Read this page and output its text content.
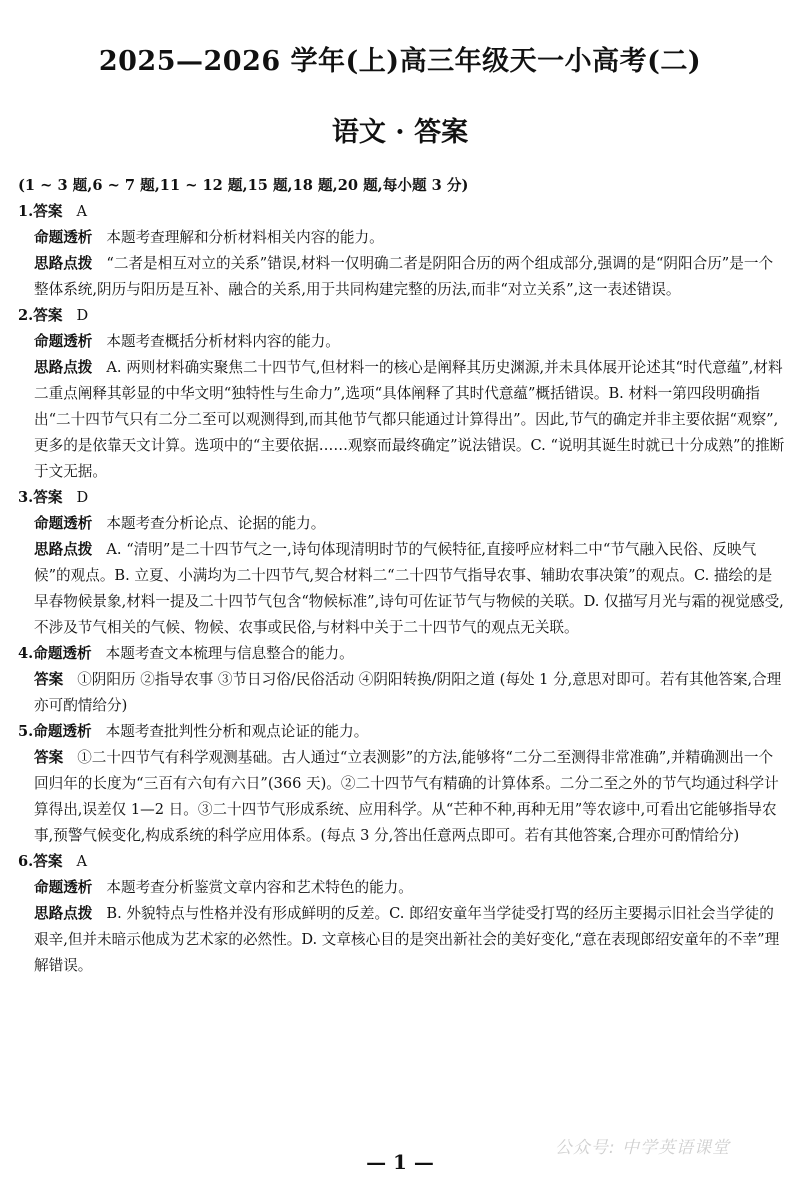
2025—2026 学年(上)高三年级天一小高考(二)
语文 · 答案

(1 ~ 3 题,6 ~ 7 题,11 ~ 12 题,15 题,18 题,20 题,每小题 3 分)

1.答案 A

命题透析 本题考查理解和分析材料相关内容的能力。

思路点拨 “二者是相互对立的关系”错误,材料一仅明确二者是阴阳合历的两个组成部分,强调的是“阴阳合历”是一个整体系统,阴历与阳历是互补、融合的关系,用于共同构建完整的历法,而非“对立关系”,这一表述错误。

2.答案 D

命题透析 本题考查概括分析材料内容的能力。

思路点拨 A. 两则材料确实聚焦二十四节气,但材料一的核心是阐释其历史渊源,并未具体展开论述其“时代意蕴”,材料二重点阐释其彰显的中华文明“独特性与生命力”,选项“具体阐释了其时代意蕴”概括错误。B. 材料一第四段明确指出“二十四节气只有二分二至可以观测得到,而其他节气都只能通过计算得出”。因此,节气的确定并非主要依据“观察”,更多的是依靠天文计算。选项中的“主要依据……观察而最终确定”说法错误。C. “说明其诞生时就已十分成熟”的推断于文无据。

3.答案 D

命题透析 本题考查分析论点、论据的能力。

思路点拨 A. “清明”是二十四节气之一,诗句体现清明时节的气候特征,直接呼应材料二中“节气融入民俗、反映气候”的观点。B. 立夏、小满均为二十四节气,契合材料二“二十四节气指导农事、辅助农事决策”的观点。C. 描绘的是早春物候景象,材料一提及二十四节气包含“物候标准”,诗句可佐证节气与物候的关联。D. 仅描写月光与霜的视觉感受,不涉及节气相关的气候、物候、农事或民俗,与材料中关于二十四节气的观点无关联。

4.命题透析 本题考查文本梳理与信息整合的能力。

答案 ①阴阳历 ②指导农事 ③节日习俗/民俗活动 ④阴阳转换/阴阳之道 (每处 1 分,意思对即可。若有其他答案,合理亦可酌情给分)

5.命题透析 本题考查批判性分析和观点论证的能力。

答案 ①二十四节气有科学观测基础。古人通过“立表测影”的方法,能够将“二分二至测得非常准确”,并精确测出一个回归年的长度为“三百有六旬有六日”(366 天)。②二十四节气有精确的计算体系。二分二至之外的节气均通过科学计算得出,误差仅 1—2 日。③二十四节气形成系统、应用科学。从“芒种不种,再种无用”等农谚中,可看出它能够指导农事,预警气候变化,构成系统的科学应用体系。(每点 3 分,答出任意两点即可。若有其他答案,合理亦可酌情给分)

6.答案 A

命题透析 本题考查分析鉴赏文章内容和艺术特色的能力。

思路点拨 B. 外貌特点与性格并没有形成鲜明的反差。C. 郎绍安童年当学徒受打骂的经历主要揭示旧社会当学徒的艰辛,但并未暗示他成为艺术家的必然性。D. 文章核心目的是突出新社会的美好变化,“意在表现郎绍安童年的不幸”理解错误。

— 1 —
公众号: 中学英语课堂
